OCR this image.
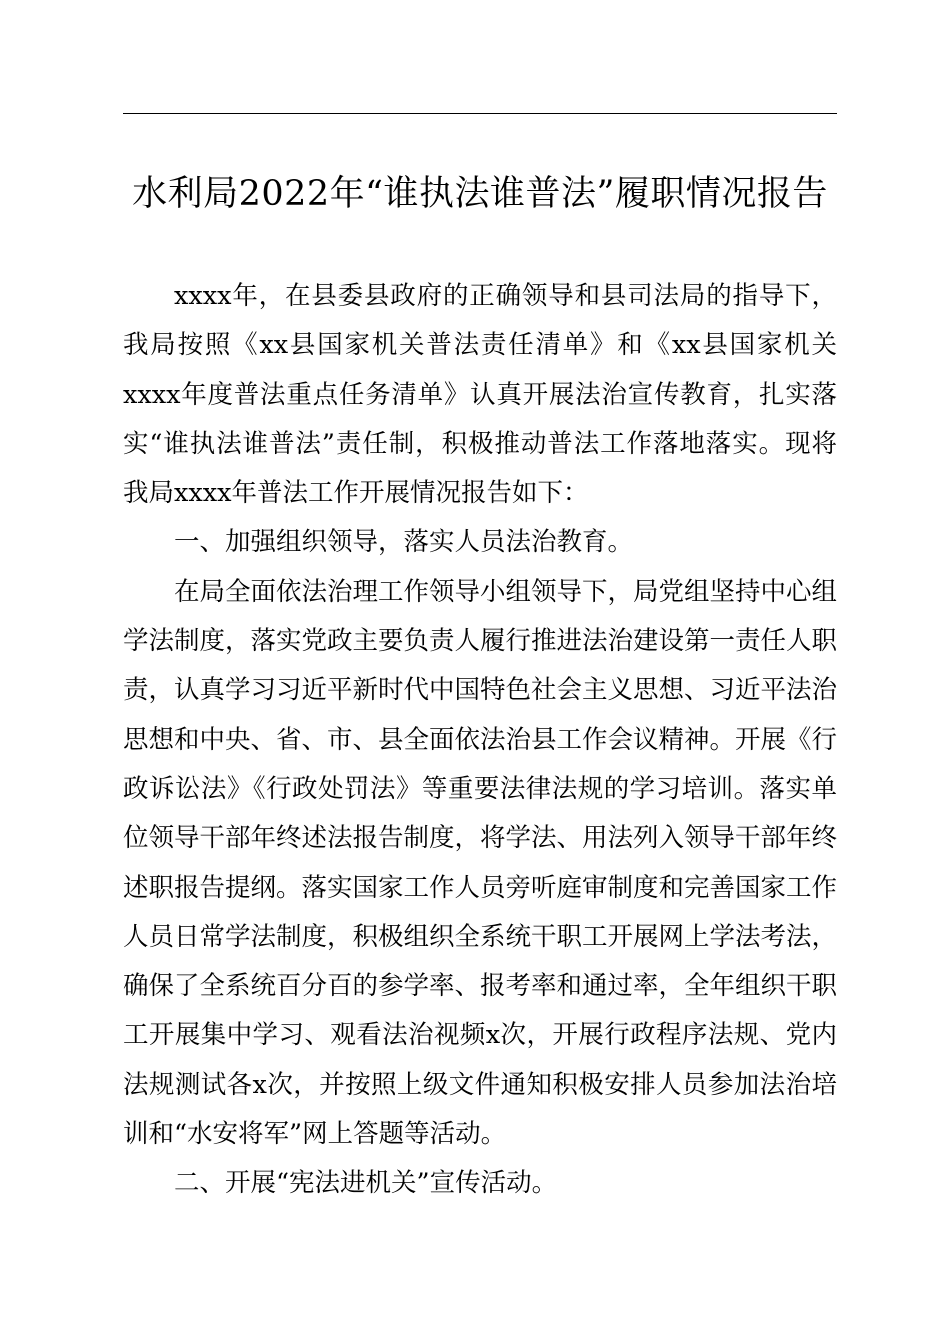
水利局2022年“谁执法谁普法”履职情况报告

xxxx年，在县委县政府的正确领导和县司法局的指导下，我局按照《xx县国家机关普法责任清单》和《xx县国家机关xxxx年度普法重点任务清单》认真开展法治宣传教育，扎实落实“谁执法谁普法”责任制，积极推动普法工作落地落实。现将我局xxxx年普法工作开展情况报告如下：

一、加强组织领导，落实人员法治教育。

在局全面依法治理工作领导小组领导下，局党组坚持中心组学法制度，落实党政主要负责人履行推进法治建设第一责任人职责，认真学习习近平新时代中国特色社会主义思想、习近平法治思想和中央、省、市、县全面依法治县工作会议精神。开展《行政诉讼法》《行政处罚法》等重要法律法规的学习培训。落实单位领导干部年终述法报告制度，将学法、用法列入领导干部年终述职报告提纲。落实国家工作人员旁听庭审制度和完善国家工作人员日常学法制度，积极组织全系统干职工开展网上学法考法，确保了全系统百分百的参学率、报考率和通过率，全年组织干职工开展集中学习、观看法治视频x次，开展行政程序法规、党内法规测试各x次，并按照上级文件通知积极安排人员参加法治培训和“水安将军”网上答题等活动。

二、开展“宪法进机关”宣传活动。
